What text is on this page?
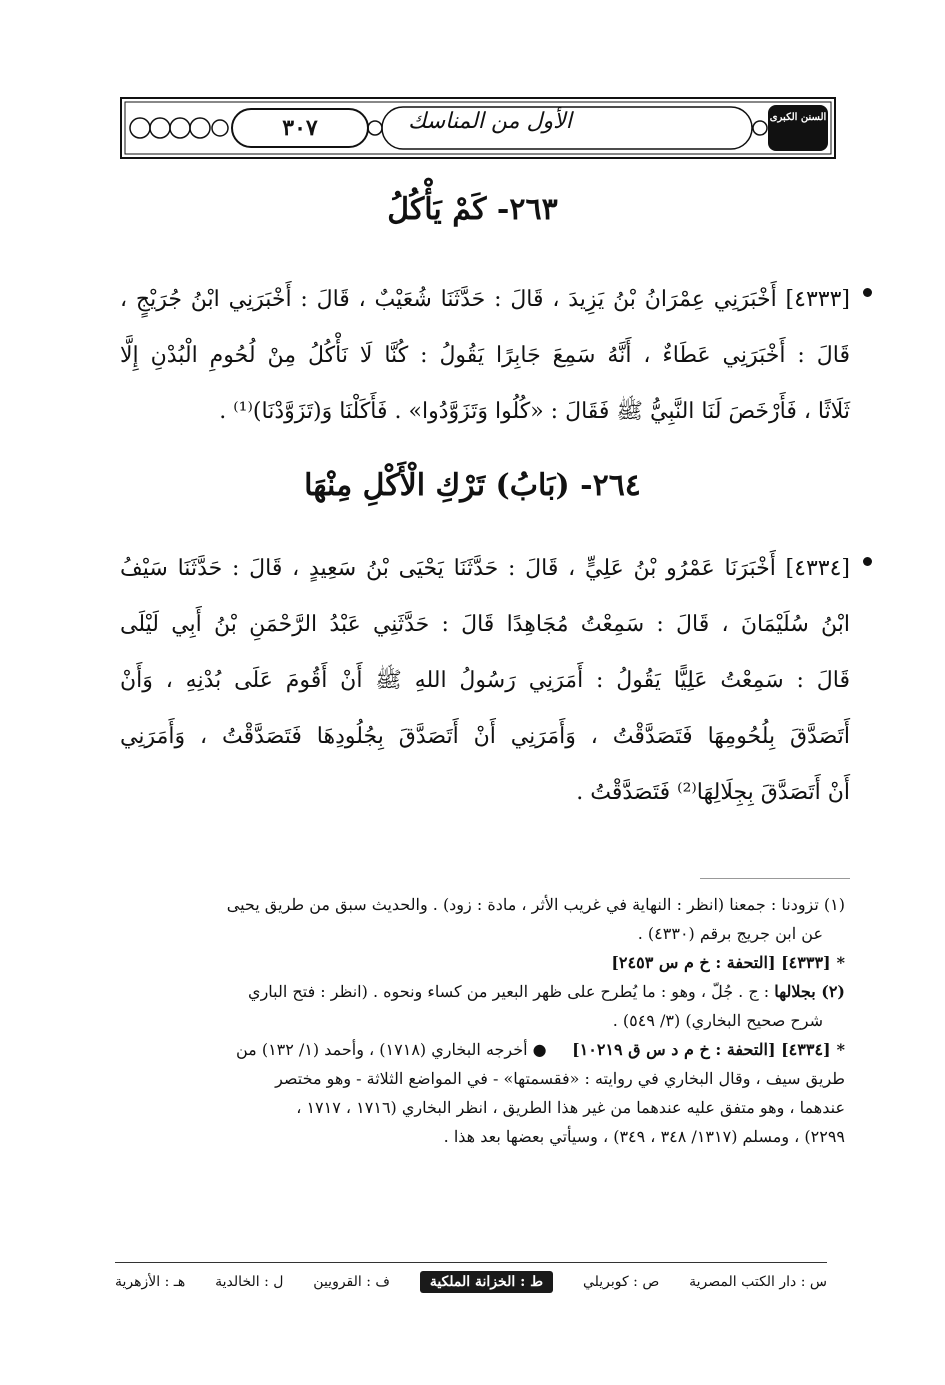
٣٠٧	الأول من المناسك	السنن الكبرى
٢٦٣- كَمْ يَأْكُلُ
[٤٣٣٣] أَخْبَرَنِي عِمْرَانُ بْنُ يَزِيدَ ، قَالَ : حَدَّثَنَا شُعَيْبٌ ، قَالَ : أَخْبَرَنِي ابْنُ جُرَيْجٍ ،
قَالَ : أَخْبَرَنِي عَطَاءٌ ، أَنَّهُ سَمِعَ جَابِرًا يَقُولُ : كُنَّا لَا نَأْكُلُ مِنْ لُحُومِ الْبُدْنِ إِلَّا
ثَلَاثًا ، فَأَرْخَصَ لَنَا النَّبِيُّ ﷺ فَقَالَ : «كُلُوا وَتَزَوَّدُوا» . فَأَكَلْنَا وَ(تَزَوَّدْنَا)⁽¹⁾ .
٢٦٤- (بَابُ) تَرْكِ الْأَكْلِ مِنْهَا
[٤٣٣٤] أَخْبَرَنَا عَمْرُو بْنُ عَلِيٍّ ، قَالَ : حَدَّثَنَا يَحْيَى بْنُ سَعِيدٍ ، قَالَ : حَدَّثَنَا سَيْفُ
ابْنُ سُلَيْمَانَ ، قَالَ : سَمِعْتُ مُجَاهِدًا قَالَ : حَدَّثَنِي عَبْدُ الرَّحْمَنِ بْنُ أَبِي لَيْلَى
قَالَ : سَمِعْتُ عَلِيًّا يَقُولُ : أَمَرَنِي رَسُولُ اللهِ ﷺ أَنْ أَقُومَ عَلَى بُدْنِهِ ، وَأَنْ
أَتَصَدَّقَ بِلُحُومِهَا فَتَصَدَّقْتُ ، وَأَمَرَنِي أَنْ أَتَصَدَّقَ بِجُلُودِهَا فَتَصَدَّقْتُ ، وَأَمَرَنِي
أَنْ أَتَصَدَّقَ بِجِلَالِهَا⁽²⁾ فَتَصَدَّقْتُ .
(١) تزودنا : جمعنا (انظر : النهاية في غريب الأثر ، مادة : زود) . والحديث سبق من طريق يحيى
عن ابن جريج برقم (٤٣٣٠) .
*[٤٣٣٣] [التحفة : خ م س ٢٤٥٣]
(٢) بجلالها : ج . جُلّ ، وهو : ما يُطرح على ظهر البعير من كساء ونحوه . (انظر : فتح الباري
شرح صحيح البخاري) (٣/ ٥٤٩) .
*[٤٣٣٤] [التحفة : خ م د س ق ١٠٢١٩]     ● أخرجه البخاري (١٧١٨) ، وأحمد (١/ ١٣٢) من
طريق سيف ، وقال البخاري في روايته : «فقسمتها» - في المواضع الثلاثة - وهو مختصر
عندهما ، وهو متفق عليه عندهما من غير هذا الطريق ، انظر البخاري (١٧١٦ ، ١٧١٧ ،
٢٢٩٩) ، ومسلم (١٣١٧/ ٣٤٨ ، ٣٤٩) ، وسيأتي بعضها بعد هذا .
س : دار الكتب المصرية
ص : كوبريلي
ط : الخزانة الملكية
ف : القرويين
ل : الخالدية
هـ : الأزهرية
